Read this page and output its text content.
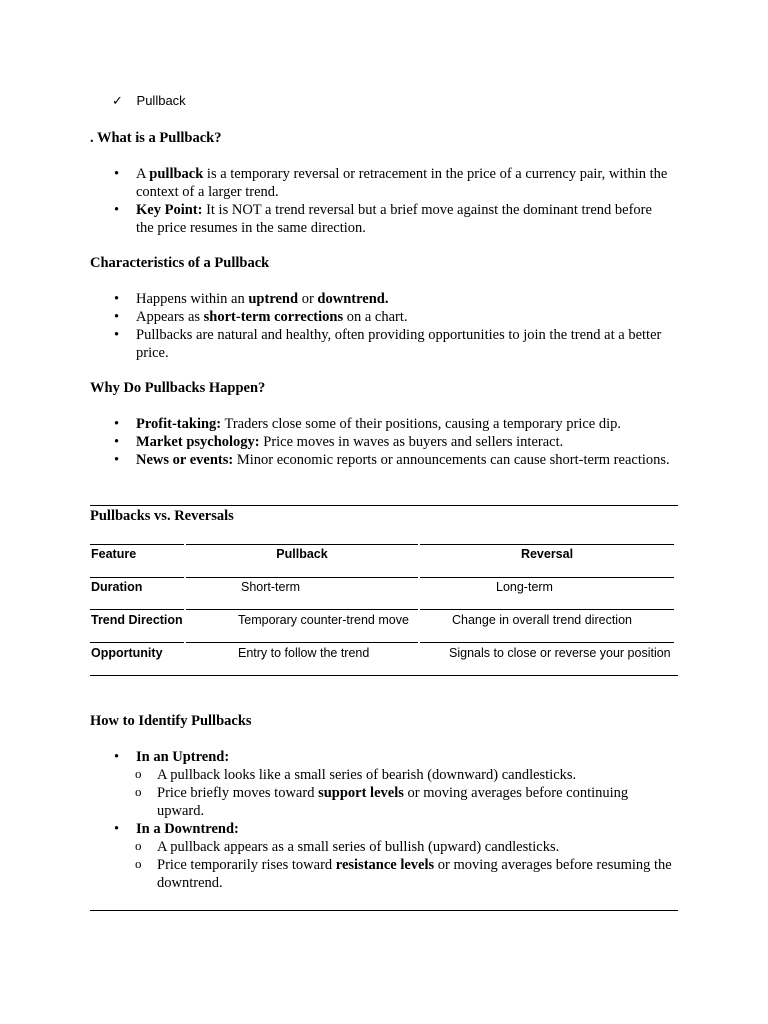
✓ Pullback
. What is a Pullback?
• A pullback is a temporary reversal or retracement in the price of a currency pair, within the context of a larger trend.
• Key Point: It is NOT a trend reversal but a brief move against the dominant trend before the price resumes in the same direction.
Characteristics of a Pullback
• Happens within an uptrend or downtrend.
• Appears as short-term corrections on a chart.
• Pullbacks are natural and healthy, often providing opportunities to join the trend at a better price.
Why Do Pullbacks Happen?
• Profit-taking: Traders close some of their positions, causing a temporary price dip.
• Market psychology: Price moves in waves as buyers and sellers interact.
• News or events: Minor economic reports or announcements can cause short-term reactions.
Pullbacks vs. Reversals
Feature	Pullback	Reversal
Duration	Short-term	Long-term
Trend Direction	Temporary counter-trend move	Change in overall trend direction
Opportunity	Entry to follow the trend	Signals to close or reverse your position
How to Identify Pullbacks
• In an Uptrend:
o A pullback looks like a small series of bearish (downward) candlesticks.
o Price briefly moves toward support levels or moving averages before continuing upward.
• In a Downtrend:
o A pullback appears as a small series of bullish (upward) candlesticks.
o Price temporarily rises toward resistance levels or moving averages before resuming the downtrend.
